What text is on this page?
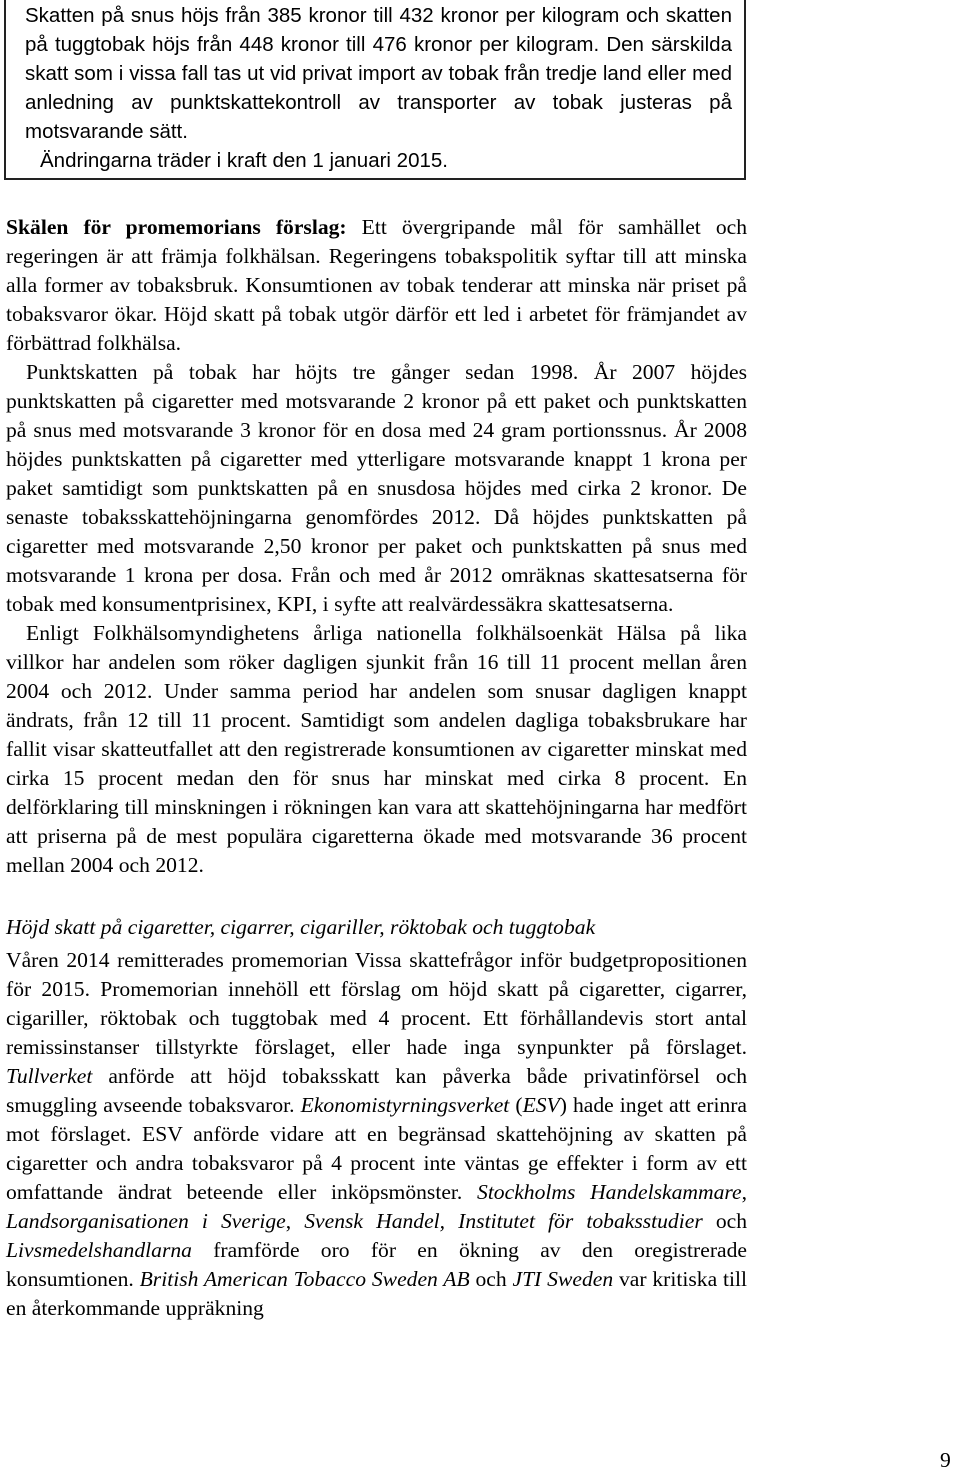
Skatten på snus höjs från 385 kronor till 432 kronor per kilogram och skatten på tuggtobak höjs från 448 kronor till 476 kronor per kilogram. Den särskilda skatt som i vissa fall tas ut vid privat import av tobak från tredje land eller med anledning av punktskattekontroll av transporter av tobak justeras på motsvarande sätt.

Ändringarna träder i kraft den 1 januari 2015.

Skälen för promemorians förslag: Ett övergripande mål för samhället och regeringen är att främja folkhälsan. Regeringens tobakspolitik syftar till att minska alla former av tobaksbruk. Konsumtionen av tobak tenderar att minska när priset på tobaksvaror ökar. Höjd skatt på tobak utgör därför ett led i arbetet för främjandet av förbättrad folkhälsa.

Punktskatten på tobak har höjts tre gånger sedan 1998. År 2007 höjdes punktskatten på cigaretter med motsvarande 2 kronor på ett paket och punktskatten på snus med motsvarande 3 kronor för en dosa med 24 gram portionssnus. År 2008 höjdes punktskatten på cigaretter med ytterligare motsvarande knappt 1 krona per paket samtidigt som punktskatten på en snusdosa höjdes med cirka 2 kronor. De senaste tobaksskattehöjningarna genomfördes 2012. Då höjdes punktskatten på cigaretter med motsvarande 2,50 kronor per paket och punktskatten på snus med motsvarande 1 krona per dosa. Från och med år 2012 omräknas skattesatserna för tobak med konsumentprisinex, KPI, i syfte att realvärdessäkra skattesatserna.

Enligt Folkhälsomyndighetens årliga nationella folkhälsoenkät Hälsa på lika villkor har andelen som röker dagligen sjunkit från 16 till 11 procent mellan åren 2004 och 2012. Under samma period har andelen som snusar dagligen knappt ändrats, från 12 till 11 procent. Samtidigt som andelen dagliga tobaksbrukare har fallit visar skatteutfallet att den registrerade konsumtionen av cigaretter minskat med cirka 15 procent medan den för snus har minskat med cirka 8 procent. En delförklaring till minskningen i rökningen kan vara att skattehöjningarna har medfört att priserna på de mest populära cigaretterna ökade med motsvarande 36 procent mellan 2004 och 2012.

Höjd skatt på cigaretter, cigarrer, cigariller, röktobak och tuggtobak

Våren 2014 remitterades promemorian Vissa skattefrågor inför budgetpropositionen för 2015. Promemorian innehöll ett förslag om höjd skatt på cigaretter, cigarrer, cigariller, röktobak och tuggtobak med 4 procent. Ett förhållandevis stort antal remissinstanser tillstyrkte förslaget, eller hade inga synpunkter på förslaget. Tullverket anförde att höjd tobaksskatt kan påverka både privatinförsel och smuggling avseende tobaksvaror. Ekonomistyrningsverket (ESV) hade inget att erinra mot förslaget. ESV anförde vidare att en begränsad skattehöjning av skatten på cigaretter och andra tobaksvaror på 4 procent inte väntas ge effekter i form av ett omfattande ändrat beteende eller inköpsmönster. Stockholms Handelskammare, Landsorganisationen i Sverige, Svensk Handel, Institutet för tobaksstudier och Livsmedelshandlarna framförde oro för en ökning av den oregistrerade konsumtionen. British American Tobacco Sweden AB och JTI Sweden var kritiska till en återkommande uppräkning

9
